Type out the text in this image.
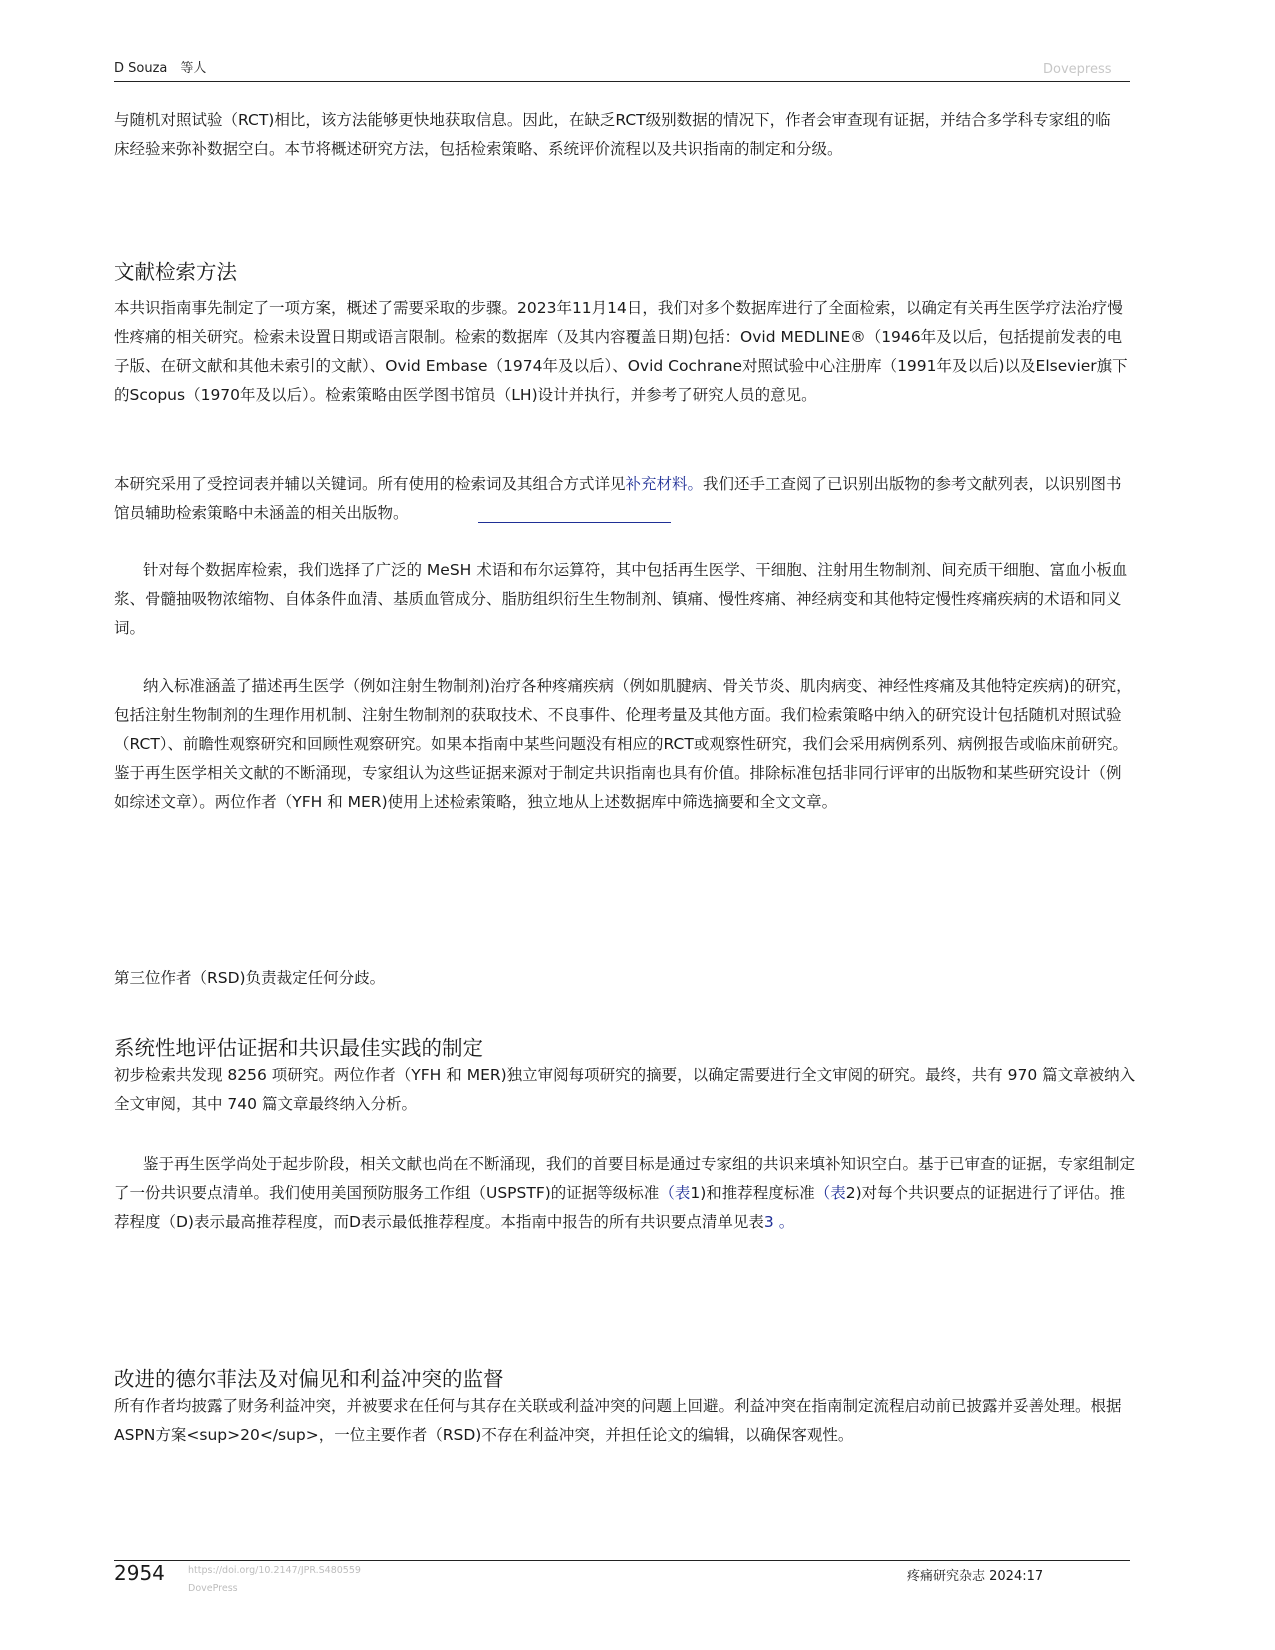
D Souza　等人	Dovepress
与随机对照试验（RCT)相比，该方法能够更快地获取信息。因此，在缺乏RCT级别数据的情况下，作者会审查现有证据，并结合多学科专家组的临
床经验来弥补数据空白。本节将概述研究方法，包括检索策略、系统评价流程以及共识指南的制定和分级。
文献检索方法
本共识指南事先制定了一项方案，概述了需要采取的步骤。2023年11月14日，我们对多个数据库进行了全面检索，以确定有关再生医学疗法治疗慢性疼痛的相关研究。检索未设置日期或语言限制。检索的数据库（及其内容覆盖日期)包括：Ovid MEDLINE®（1946年及以后，包括提前发表的电子版、在研文献和其他未索引的文献）、Ovid Embase（1974年及以后）、Ovid Cochrane对照试验中心注册库（1991年及以后)以及Elsevier旗下的Scopus（1970年及以后）。检索策略由医学图书馆员（LH)设计并执行，并参考了研究人员的意见。
本研究采用了受控词表并辅以关键词。所有使用的检索词及其组合方式详见补充材料。我们还手工查阅了已识别出版物的参考文献列表，以识别图书馆员辅助检索策略中未涵盖的相关出版物。
针对每个数据库检索，我们选择了广泛的 MeSH 术语和布尔运算符，其中包括再生医学、干细胞、注射用生物制剂、间充质干细胞、富血小板血浆、骨髓抽吸物浓缩物、自体条件血清、基质血管成分、脂肪组织衍生生物制剂、镇痛、慢性疼痛、神经病变和其他特定慢性疼痛疾病的术语和同义词。
纳入标准涵盖了描述再生医学（例如注射生物制剂)治疗各种疼痛疾病（例如肌腱病、骨关节炎、肌肉病变、神经性疼痛及其他特定疾病)的研究，包括注射生物制剂的生理作用机制、注射生物制剂的获取技术、不良事件、伦理考量及其他方面。我们检索策略中纳入的研究设计包括随机对照试验（RCT）、前瞻性观察研究和回顾性观察研究。如果本指南中某些问题没有相应的RCT或观察性研究，我们会采用病例系列、病例报告或临床前研究。鉴于再生医学相关文献的不断涌现，专家组认为这些证据来源对于制定共识指南也具有价值。排除标准包括非同行评审的出版物和某些研究设计（例如综述文章）。两位作者（YFH 和 MER)使用上述检索策略，独立地从上述数据库中筛选摘要和全文文章。
第三位作者（RSD)负责裁定任何分歧。
系统性地评估证据和共识最佳实践的制定
初步检索共发现 8256 项研究。两位作者（YFH 和 MER)独立审阅每项研究的摘要，以确定需要进行全文审阅的研究。最终，共有 970 篇文章被纳入全文审阅，其中 740 篇文章最终纳入分析。
鉴于再生医学尚处于起步阶段，相关文献也尚在不断涌现，我们的首要目标是通过专家组的共识来填补知识空白。基于已审查的证据，专家组制定了一份共识要点清单。我们使用美国预防服务工作组（USPSTF)的证据等级标准（表1)和推荐程度标准（表2)对每个共识要点的证据进行了评估。推荐程度（D)表示最高推荐程度，而D表示最低推荐程度。本指南中报告的所有共识要点清单见表3 。
改进的德尔菲法及对偏见和利益冲突的监督
所有作者均披露了财务利益冲突，并被要求在任何与其存在关联或利益冲突的问题上回避。利益冲突在指南制定流程启动前已披露并妥善处理。根据ASPN方案<sup>20</sup>，一位主要作者（RSD)不存在利益冲突，并担任论文的编辑，以确保客观性。
2954 https://doi.org/10.2147/JPR.S480559
DovePress
疼痛研究杂志 2024:17
